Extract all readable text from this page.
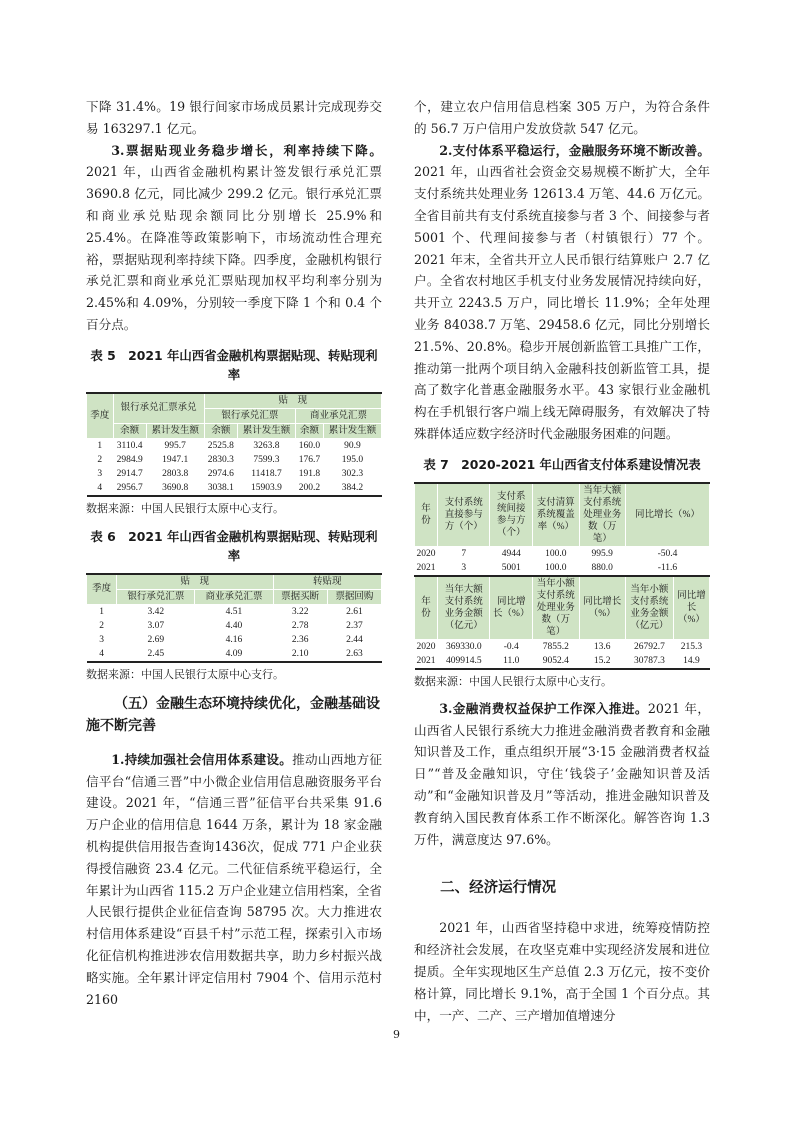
下降 31.4%。19 银行间家市场成员累计完成现券交易 163297.1 亿元。

3.票据贴现业务稳步增长，利率持续下降。2021 年，山西省金融机构累计签发银行承兑汇票 3690.8 亿元，同比减少 299.2 亿元。银行承兑汇票和商业承兑贴现余额同比分别增长 25.9%和 25.4%。在降准等政策影响下，市场流动性合理充裕，票据贴现利率持续下降。四季度，金融机构银行承兑汇票和商业承兑汇票贴现加权平均利率分别为 2.45%和 4.09%，分别较一季度下降 1 个和 0.4 个百分点。

表 5　2021 年山西省金融机构票据贴现、转贴现利率
季度	银行承兑汇票承兑		贴　现			
			银行承兑汇票		商业承兑汇票	
	余额	累计发生额	余额	累计发生额	余额	累计发生额
1	3110.4	995.7	2525.8	3263.8	160.0	90.9
2	2984.9	1947.1	2830.3	7599.3	176.7	195.0
3	2914.7	2803.8	2974.6	11418.7	191.8	302.3
4	2956.7	3690.8	3038.1	15903.9	200.2	384.2
数据来源：中国人民银行太原中心支行。
表 6　2021 年山西省金融机构票据贴现、转贴现利率
季度	贴　现		转贴现	
	银行承兑汇票	商业承兑汇票	票据买断	票据回购
1	3.42	4.51	3.22	2.61
2	3.07	4.40	2.78	2.37
3	2.69	4.16	2.36	2.44
4	2.45	4.09	2.10	2.63
数据来源：中国人民银行太原中心支行。
（五）金融生态环境持续优化，金融基础设施不断完善

1.持续加强社会信用体系建设。推动山西地方征信平台“信通三晋”中小微企业信用信息融资服务平台建设。2021 年，“信通三晋”征信平台共采集 91.6 万户企业的信用信息 1644 万条，累计为 18 家金融机构提供信用报告查询1436次，促成 771 户企业获得授信融资 23.4 亿元。二代征信系统平稳运行，全年累计为山西省 115.2 万户企业建立信用档案，全省人民银行提供企业征信查询 58795 次。大力推进农村信用体系建设“百县千村”示范工程，探索引入市场化征信机构推进涉农信用数据共享，助力乡村振兴战略实施。全年累计评定信用村 7904 个、信用示范村 2160

个，建立农户信用信息档案 305 万户，为符合条件的 56.7 万户信用户发放贷款 547 亿元。

2.支付体系平稳运行，金融服务环境不断改善。2021 年，山西省社会资金交易规模不断扩大，全年支付系统共处理业务 12613.4 万笔、44.6 万亿元。全省目前共有支付系统直接参与者 3 个、间接参与者 5001 个、代理间接参与者（村镇银行）77 个。2021 年末，全省共开立人民币银行结算账户 2.7 亿户。全省农村地区手机支付业务发展情况持续向好，共开立 2243.5 万户，同比增长 11.9%；全年处理业务 84038.7 万笔、29458.6 亿元，同比分别增长 21.5%、20.8%。稳步开展创新监管工具推广工作，推动第一批两个项目纳入金融科技创新监管工具，提高了数字化普惠金融服务水平。43 家银行业金融机构在手机银行客户端上线无障碍服务，有效解决了特殊群体适应数字经济时代金融服务困难的问题。

表 7　2020-2021 年山西省支付体系建设情况表
年份	支付系统直接参与方（个）	支付系统间接参与方（个）	支付清算系统覆盖率（%）	当年大额支付系统处理业务数（万笔）	同比增长（%）	
2020	7	4944	100.0	995.9	-50.4	
2021	3	5001	100.0	880.0	-11.6	
年份	当年大额支付系统业务金额（亿元）	同比增长（%）	当年小额支付系统处理业务数（万笔）	同比增长（%）	当年小额支付系统业务金额（亿元）	同比增长（%）
2020	369330.0	-0.4	7855.2	13.6	26792.7	215.3
2021	409914.5	11.0	9052.4	15.2	30787.3	14.9
数据来源：中国人民银行太原中心支行。

3.金融消费权益保护工作深入推进。2021 年，山西省人民银行系统大力推进金融消费者教育和金融知识普及工作，重点组织开展“3·15 金融消费者权益日”“普及金融知识，守住‘钱袋子’金融知识普及活动”和“金融知识普及月”等活动，推进金融知识普及教育纳入国民教育体系工作不断深化。解答咨询 1.3 万件，满意度达 97.6%。

二、经济运行情况

2021 年，山西省坚持稳中求进，统筹疫情防控和经济社会发展，在攻坚克难中实现经济发展和进位提质。全年实现地区生产总值 2.3 万亿元，按不变价格计算，同比增长 9.1%，高于全国 1 个百分点。其中，一产、二产、三产增加值增速分

9
